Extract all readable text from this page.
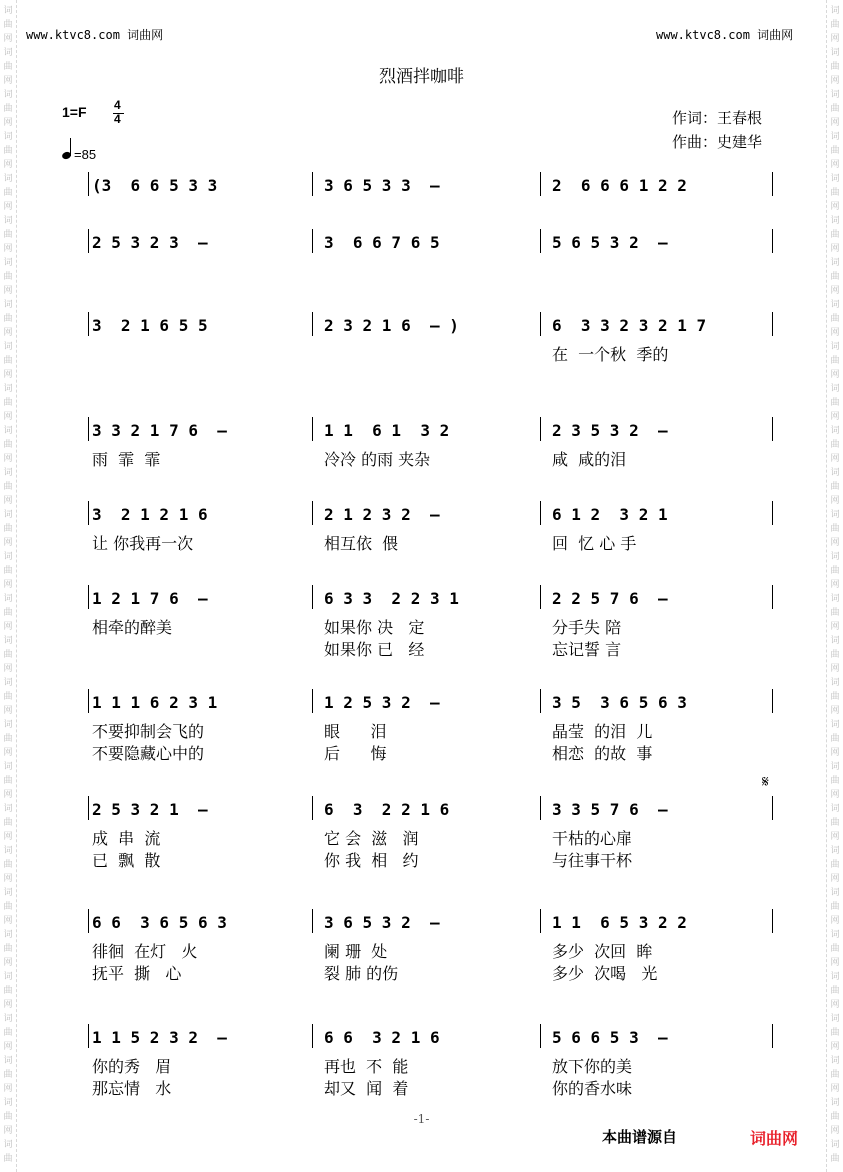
词
曲
网
词
曲
网
词
曲
网
词
曲
网
词
曲
网
词
曲
网
词
曲
网
词
曲
网
词
曲
网
词
曲
网
词
曲
网
词
曲
网
词
曲
网
词
曲
网
词
曲
网
词
曲
网
词
曲
网
词
曲
网
词
曲
网
词
曲
网
词
曲
网
词
曲
网
词
曲
网
词
曲
网
词
曲
网
词
曲
网
词
曲
网
词
曲
词
曲
网
词
曲
网
词
曲
网
词
曲
网
词
曲
网
词
曲
网
词
曲
网
词
曲
网
词
曲
网
词
曲
网
词
曲
网
词
曲
网
词
曲
网
词
曲
网
词
曲
网
词
曲
网
词
曲
网
词
曲
网
词
曲
网
词
曲
网
词
曲
网
词
曲
网
词
曲
网
词
曲
网
词
曲
网
词
曲
网
词
曲
网
词
曲
www.ktvc8.com 词曲网	www.ktvc8.com 词曲网
烈酒拌咖啡
1=F 4
4
=85
作词：王春根
作曲：史建华
𝄋
(3  6 6 5 3 3	3 6 5 3 3  –	2  6 6 6 1 2 2
2 5 3 2 3  –	3  6 6 7 6 5	5 6 5 3 2  –
3  2 1 6 5 5	2 3 2 1 6  – )	6  3 3 2 3 2 1 7
在  一个秋  季的
3 3 2 1 7 6  –	1 1  6 1  3 2	2 3 5 3 2  –
雨  霏  霏	冷冷 的雨 夹杂	咸  咸的泪
3  2 1 2 1 6	2 1 2 3 2  –	6 1 2  3 2 1
让 你我再一次	相互依  偎	回  忆 心 手
1 2 1 7 6  –	6 3 3  2 2 3 1	2 2 5 7 6  –
相牵的醉美	如果你 决   定	分手失 陪
如果你 已   经	忘记誓 言
1 1 1 6 2 3 1	1 2 5 3 2  –	3 5  3 6 5 6 3
不要抑制会飞的	眼      泪	晶莹  的泪  儿
不要隐藏心中的	后      悔	相恋  的故  事
2 5 3 2 1  –	6  3  2 2 1 6	3 3 5 7 6  –
成  串  流	它 会  滋   润	干枯的心扉
已  飘  散	你 我  相   约	与往事干杯
6 6  3 6 5 6 3	3 6 5 3 2  –	1 1  6 5 3 2 2
徘徊  在灯   火	阑 珊  处	多少  次回  眸
抚平  撕   心	裂 肺 的伤	多少  次喝   光
1 1 5 2 3 2  –	6 6  3 2 1 6	5 6 6 5 3  –
你的秀   眉	再也  不  能	放下你的美
那忘情   水	却又  闻  着	你的香水味
-1-
本曲谱源自	词曲网
